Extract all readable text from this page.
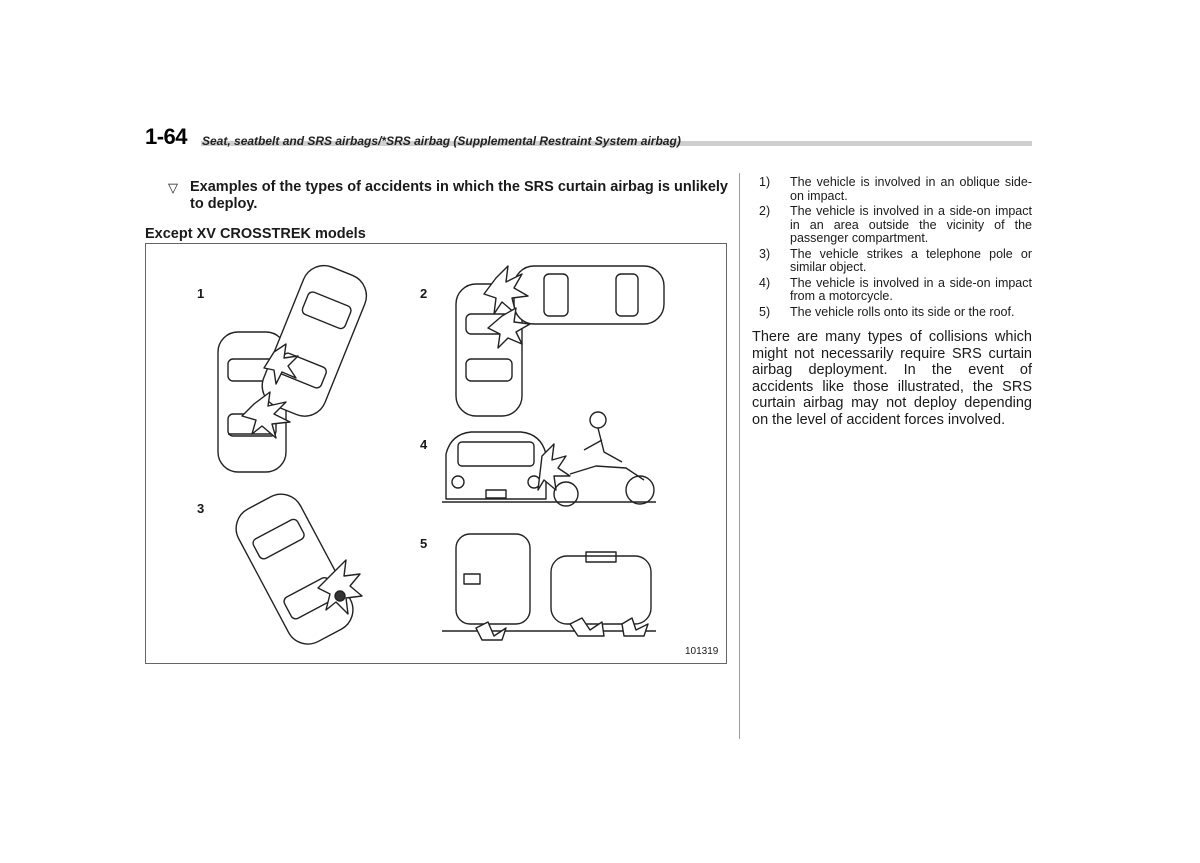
1-64 Seat, seatbelt and SRS airbags/*SRS airbag (Supplemental Restraint System airbag)
▽ Examples of the types of accidents in which the SRS curtain airbag is unlikely to deploy.
Except XV CROSSTREK models
1	2
3
4
5
101319
1) The vehicle is involved in an oblique side-on impact.
2) The vehicle is involved in a side-on impact in an area outside the vicinity of the passenger compartment.
3) The vehicle strikes a telephone pole or similar object.
4) The vehicle is involved in a side-on impact from a motorcycle.
5) The vehicle rolls onto its side or the roof.
There are many types of collisions which might not necessarily require SRS curtain airbag deployment. In the event of accidents like those illustrated, the SRS curtain airbag may not deploy depending on the level of accident forces involved.
